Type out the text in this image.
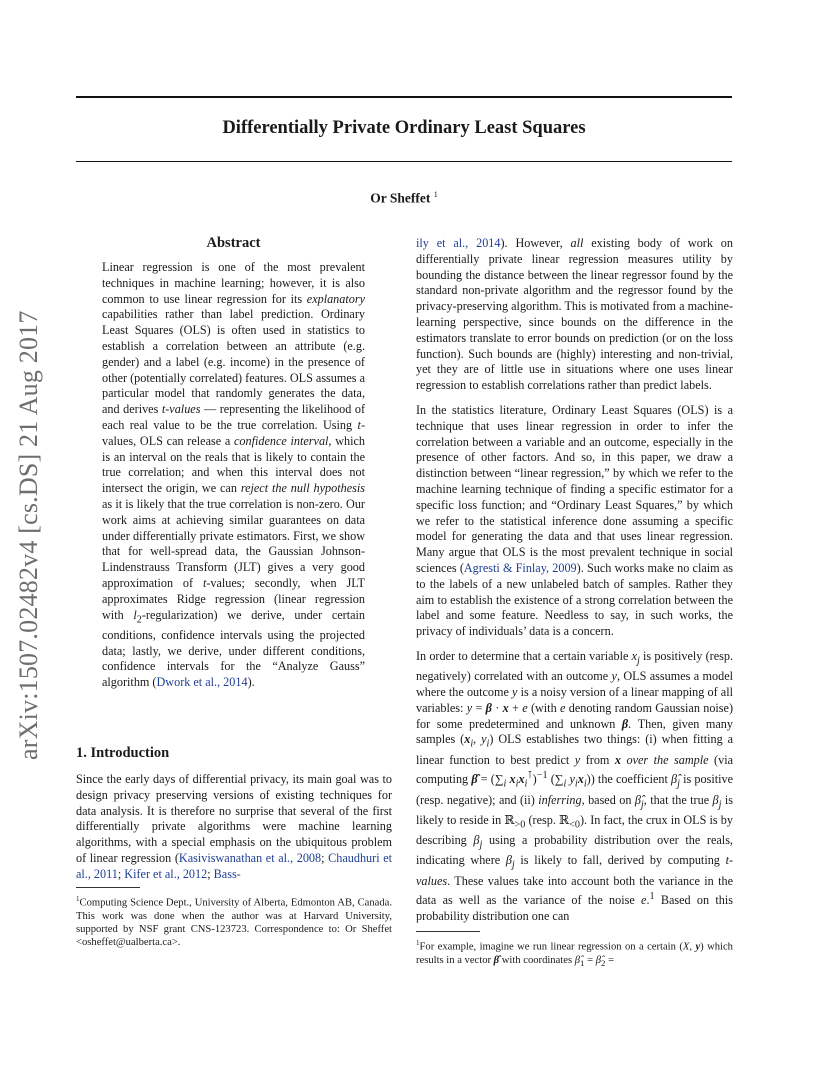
Differentially Private Ordinary Least Squares
Or Sheffet $^1$
arXiv:1507.02482v4 [cs.DS] 21 Aug 2017
Abstract

Linear regression is one of the most prevalent techniques in machine learning; however, it is also common to use linear regression for its explanatory capabilities rather than label prediction. Ordinary Least Squares (OLS) is often used in statistics to establish a correlation between an attribute (e.g. gender) and a label (e.g. income) in the presence of other (potentially correlated) features. OLS assumes a particular model that randomly generates the data, and derives t-values — representing the likelihood of each real value to be the true correlation. Using t-values, OLS can release a confidence interval, which is an interval on the reals that is likely to contain the true correlation; and when this interval does not intersect the origin, we can reject the null hypothesis as it is likely that the true correlation is non-zero. Our work aims at achieving similar guarantees on data under differentially private estimators. First, we show that for well-spread data, the Gaussian Johnson-Lindenstrauss Transform (JLT) gives a very good approximation of t-values; secondly, when JLT approximates Ridge regression (linear regression with $l_2-regularization$) we derive, under certain conditions, confidence intervals using the projected data; lastly, we derive, under different conditions, confidence intervals for the “Analyze Gauss” algorithm (Dwork et al., 2014).

1. Introduction

Since the early days of differential privacy, its main goal was to design privacy preserving versions of existing techniques for data analysis. It is therefore no surprise that several of the first differentially private algorithms were machine learning algorithms, with a special emphasis on the ubiquitous problem of linear regression (Kasiviswanathan et al., 2008; Chaudhuri et al., 2011; Kifer et al., 2012; Bass-

$^1$Computing Science Dept., University of Alberta, Edmonton AB, Canada. This work was done when the author was at Harvard University, supported by NSF grant CNS-123723. Correspondence to: Or Sheffet <osheffet@ualberta.ca>.

ily et al., 2014). However, all existing body of work on differentially private linear regression measures utility by bounding the distance between the linear regressor found by the standard non-private algorithm and the regressor found by the privacy-preserving algorithm. This is motivated from a machine-learning perspective, since bounds on the difference in the estimators translate to error bounds on prediction (or on the loss function). Such bounds are (highly) interesting and non-trivial, yet they are of little use in situations where one uses linear regression to establish correlations rather than predict labels.

In the statistics literature, Ordinary Least Squares (OLS) is a technique that uses linear regression in order to infer the correlation between a variable and an outcome, especially in the presence of other factors. And so, in this paper, we draw a distinction between “linear regression,” by which we refer to the machine learning technique of finding a specific estimator for a specific loss function; and “Ordinary Least Squares,” by which we refer to the statistical inference done assuming a specific model for generating the data and that uses linear regression. Many argue that OLS is the most prevalent technique in social sciences (Agresti & Finlay, 2009). Such works make no claim as to the labels of a new unlabeled batch of samples. Rather they aim to establish the existence of a strong correlation between the label and some feature. Needless to say, in such works, the privacy of individuals’ data is a concern.

In order to determine that a certain variable $x_j$ is positively (resp. negatively) correlated with an outcome y, OLS assumes a model where the outcome y is a noisy version of a linear mapping of all variables: y = β · x + e (with e denoting random Gaussian noise) for some predetermined and unknown β. Then, given many samples ($x_i$, $y_i$) OLS establishes two things: (i) when fitting a linear function to best predict y from x over the sample (via computing β̂ = ($\sum_i$ $x_ix_i^⊺)^{-1}$ ($\sum_i$ $y_ix_i$)) the coefficient $\betâ_j$ is positive (resp. negative); and (ii) inferring, based on $\betâ_j$, that the true $\beta_j$ is likely to reside in ℝ$_{>0}$ (resp. ℝ$_{<0}$). In fact, the crux in OLS is by describing $\beta_j$ using a probability distribution over the reals, indicating where $\beta_j$ is likely to fall, derived by computing t-values. These values take into account both the variance in the data as well as the variance of the noise e.$^1$ Based on this probability distribution one can

$^1$For example, imagine we run linear regression on a certain (X, y) which results in a vector β̂ with coordinates $\betâ_1$ = $\betâ_2$ =
